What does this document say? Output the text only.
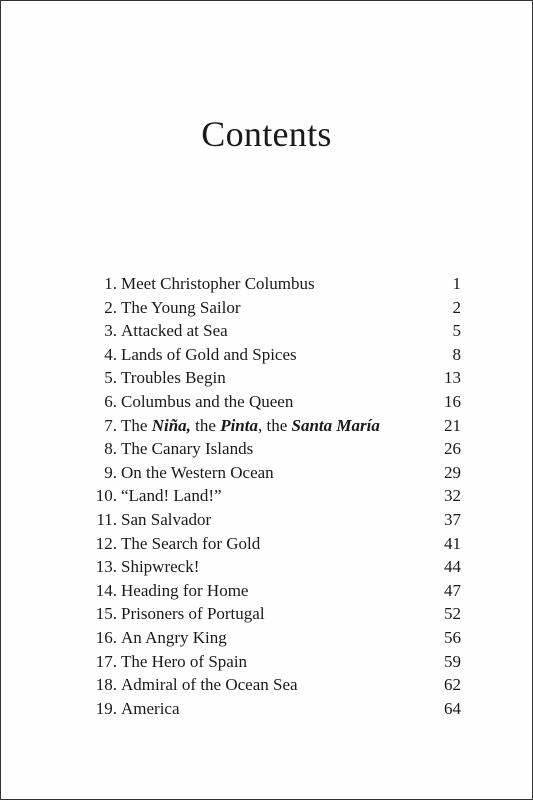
Contents
1. Meet Christopher Columbus	1
2. The Young Sailor	2
3. Attacked at Sea	5
4. Lands of Gold and Spices	8
5. Troubles Begin	13
6. Columbus and the Queen	16
7. The Niña, the Pinta, the Santa María	21
8. The Canary Islands	26
9. On the Western Ocean	29
10. “Land! Land!”	32
11. San Salvador	37
12. The Search for Gold	41
13. Shipwreck!	44
14. Heading for Home	47
15. Prisoners of Portugal	52
16. An Angry King	56
17. The Hero of Spain	59
18. Admiral of the Ocean Sea	62
19. America	64
